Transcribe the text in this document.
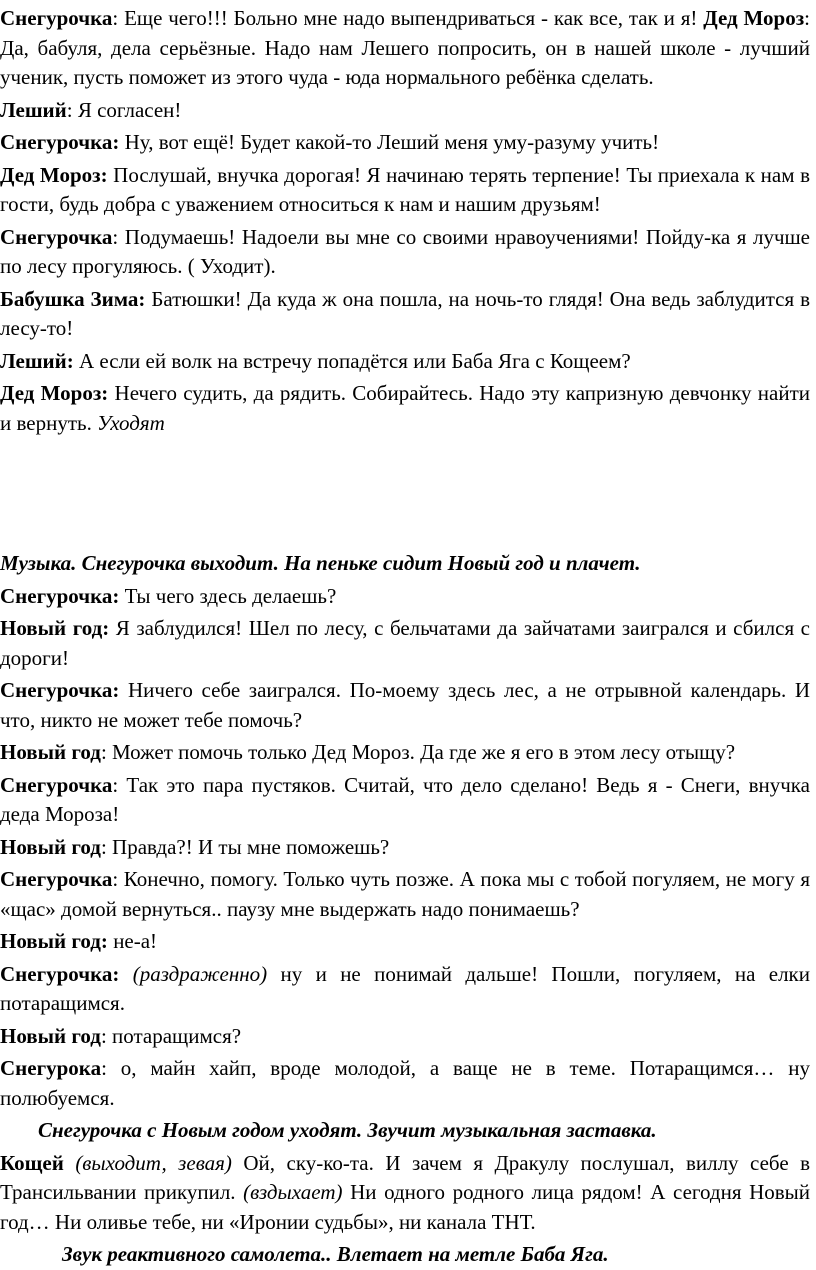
Снегурочка: Еще чего!!! Больно мне надо выпендриваться - как все, так и я! Дед Мороз: Да, бабуля, дела серьёзные. Надо нам Лешего попросить, он в нашей школе - лучший ученик, пусть поможет из этого чуда - юда нормального ребёнка сделать.

Леший: Я согласен!

Снегурочка: Ну, вот ещё! Будет какой-то Леший меня уму-разуму учить!

Дед Мороз: Послушай, внучка дорогая! Я начинаю терять терпение! Ты приехала к нам в гости, будь добра с уважением относиться к нам и нашим друзьям!

Снегурочка: Подумаешь! Надоели вы мне со своими нравоучениями! Пойду-ка я лучше по лесу прогуляюсь. ( Уходит).

Бабушка Зима: Батюшки! Да куда ж она пошла, на ночь-то глядя! Она ведь заблудится в лесу-то!

Леший: А если ей волк на встречу попадётся или Баба Яга с Кощеем?

Дед Мороз: Нечего судить, да рядить. Собирайтесь. Надо эту капризную девчонку найти и вернуть. Уходят

Музыка. Снегурочка выходит. На пеньке сидит Новый год и плачет.

Снегурочка: Ты чего здесь делаешь?

Новый год: Я заблудился! Шел по лесу, с бельчатами да зайчатами заигрался и сбился с дороги!

Снегурочка: Ничего себе заигрался. По-моему здесь лес, а не отрывной календарь. И что, никто не может тебе помочь?

Новый год: Может помочь только Дед Мороз. Да где же я его в этом лесу отыщу?

Снегурочка: Так это пара пустяков. Считай, что дело сделано! Ведь я - Снеги, внучка деда Мороза!

Новый год: Правда?! И ты мне поможешь?

Снегурочка: Конечно, помогу. Только чуть позже. А пока мы с тобой погуляем, не могу я «щас» домой вернуться.. паузу мне выдержать надо понимаешь?

Новый год: не-а!

Снегурочка: (раздраженно) ну и не понимай дальше! Пошли, погуляем, на елки потаращимся.

Новый год: потаращимся?

Снегурока: о, майн хайп, вроде молодой, а ваще не в теме. Потаращимся… ну полюбуемся.

Снегурочка с Новым годом уходят. Звучит музыкальная заставка.

Кощей (выходит, зевая) Ой, ску-ко-та. И зачем я Дракулу послушал, виллу себе в Трансильвании прикупил. (вздыхает) Ни одного родного лица рядом! А сегодня Новый год… Ни оливье тебе, ни «Иронии судьбы», ни канала ТНТ.

Звук реактивного самолета.. Влетает на метле Баба Яга.
